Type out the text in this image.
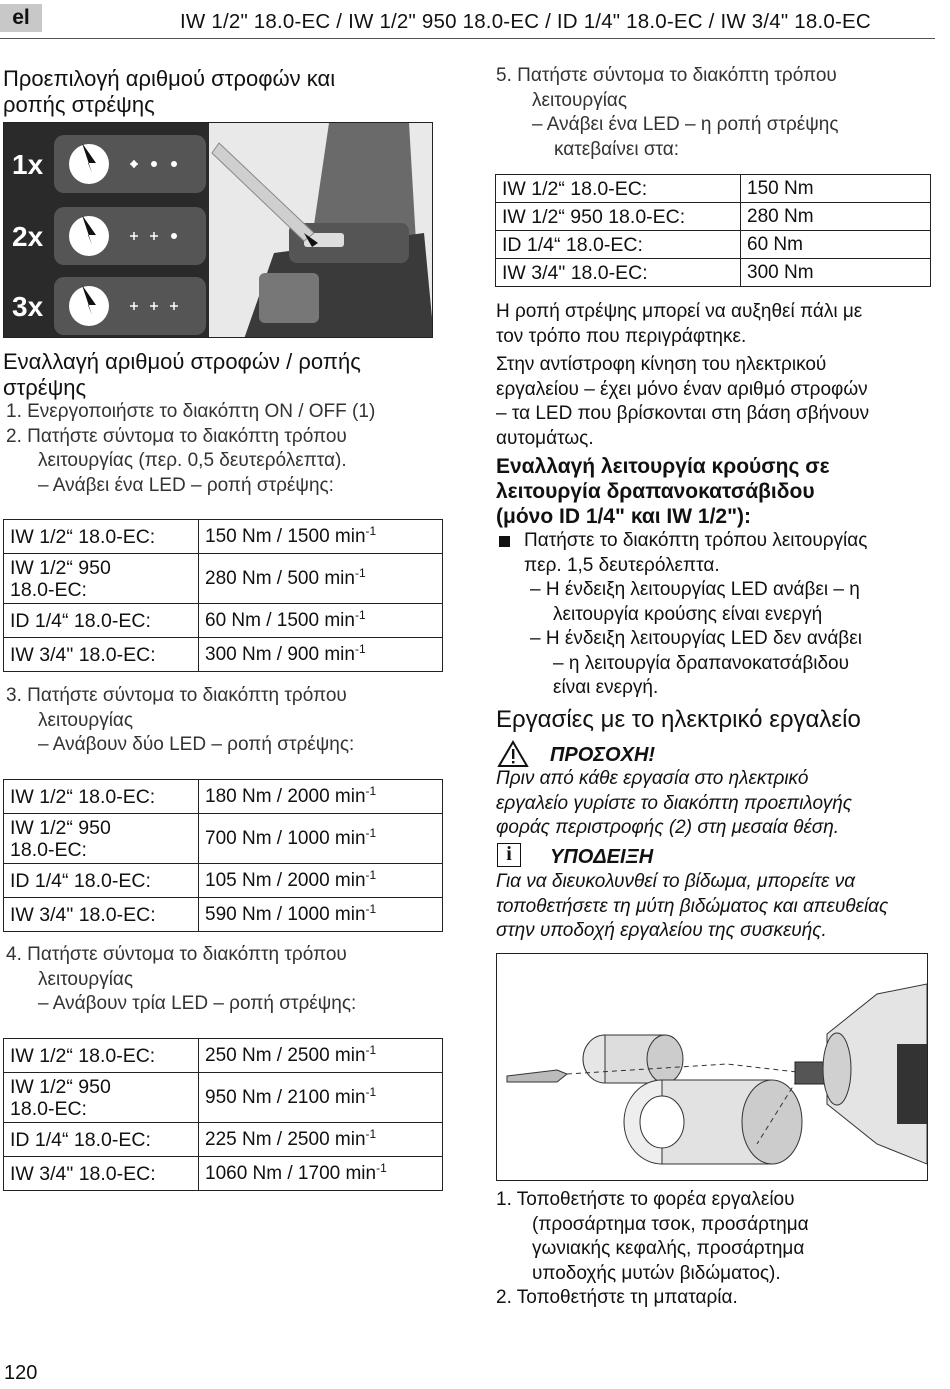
el	IW 1/2" 18.0-EC / IW 1/2" 950 18.0-EC / ID 1/4" 18.0-EC / IW 3/4" 18.0-EC
Προεπιλογή αριθμού στροφών και
ροπής στρέψης
1x
2x
3x
Εναλλαγή αριθμού στροφών / ροπής
στρέψης
1. Ενεργοποιήστε το διακόπτη ON / OFF (1)
2. Πατήστε σύντομα το διακόπτη τρόπου
λειτουργίας (περ. 0,5 δευτερόλεπτα).
– Ανάβει ένα LED – ροπή στρέψης:
IW 1/2“ 18.0-EC:	150 Nm / 1500 $\min^{-1}$

IW 1/2“ 950
18.0-EC:	280 Nm / 500 $\min^{-1}$
ID 1/4“ 18.0-EC:	60 Nm / 1500 $\min^{-1}$
IW 3/4" 18.0-EC:	300 Nm / 900 $\min^{-1}$
3. Πατήστε σύντομα το διακόπτη τρόπου
λειτουργίας
– Ανάβουν δύο LED – ροπή στρέψης:
IW 1/2“ 18.0-EC:	180 Nm / 2000 $\min^{-1}$

IW 1/2“ 950
18.0-EC:	700 Nm / 1000 $\min^{-1}$
ID 1/4“ 18.0-EC:	105 Nm / 2000 $\min^{-1}$
IW 3/4" 18.0-EC:	590 Nm / 1000 $\min^{-1}$
4. Πατήστε σύντομα το διακόπτη τρόπου
λειτουργίας
– Ανάβουν τρία LED – ροπή στρέψης:
IW 1/2“ 18.0-EC:	250 Nm / 2500 $\min^{-1}$

IW 1/2“ 950
18.0-EC:	950 Nm / 2100 $\min^{-1}$
ID 1/4“ 18.0-EC:	225 Nm / 2500 $\min^{-1}$
IW 3/4" 18.0-EC:	1060 Nm / 1700 $\min^{-1}$
5. Πατήστε σύντομα το διακόπτη τρόπου
λειτουργίας
– Ανάβει ένα LED – η ροπή στρέψης
κατεβαίνει στα:
IW 1/2“ 18.0-EC:	150 Nm
IW 1/2“ 950 18.0-EC:	280 Nm
ID 1/4“ 18.0-EC:	60 Nm
IW 3/4" 18.0-EC:	300 Nm
Η ροπή στρέψης μπορεί να αυξηθεί πάλι με
τον τρόπο που περιγράφτηκε.
Στην αντίστροφη κίνηση του ηλεκτρικού
εργαλείου – έχει μόνο έναν αριθμό στροφών
– τα LED που βρίσκονται στη βάση σβήνουν
αυτομάτως.
Εναλλαγή λειτουργία κρούσης σε
λειτουργία δραπανοκατσάβιδου
(μόνο ID 1/4" και IW 1/2"):
Πατήστε το διακόπτη τρόπου λειτουργίας
περ. 1,5 δευτερόλεπτα.
– Η ένδειξη λειτουργίας LED ανάβει – η
λειτουργία κρούσης είναι ενεργή
– Η ένδειξη λειτουργίας LED δεν ανάβει
– η λειτουργία δραπανοκατσάβιδου
είναι ενεργή.
Εργασίες με το ηλεκτρικό εργαλείο
ΠΡΟΣΟΧΗ!
Πριν από κάθε εργασία στο ηλεκτρικό
εργαλείο γυρίστε το διακόπτη προεπιλογής
φοράς περιστροφής (2) στη μεσαία θέση.
i	ΥΠΟΔΕΙΞΗ
Για να διευκολυνθεί το βίδωμα, μπορείτε να
τοποθετήσετε τη μύτη βιδώματος και απευθείας
στην υποδοχή εργαλείου της συσκευής.
1. Τοποθετήστε το φορέα εργαλείου
(προσάρτημα τσοκ, προσάρτημα
γωνιακής κεφαλής, προσάρτημα
υποδοχής μυτών βιδώματος).
2. Τοποθετήστε τη μπαταρία.
120
